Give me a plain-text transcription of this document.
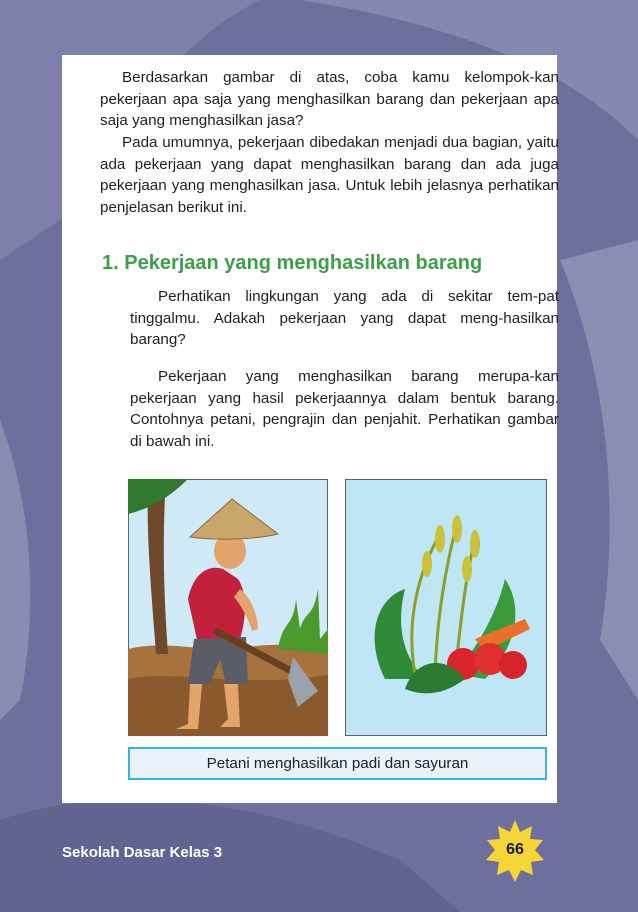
Berdasarkan gambar di atas, coba kamu kelompok-kan pekerjaan apa saja yang menghasilkan barang dan pekerjaan apa saja yang menghasilkan jasa?

Pada umumnya, pekerjaan dibedakan menjadi dua bagian, yaitu ada pekerjaan yang dapat menghasilkan barang dan ada juga pekerjaan yang menghasilkan jasa. Untuk lebih jelasnya perhatikan penjelasan berikut ini.

1. Pekerjaan yang menghasilkan barang

Perhatikan lingkungan yang ada di sekitar tem-pat tinggalmu. Adakah pekerjaan yang dapat meng-hasilkan barang?

Pekerjaan yang menghasilkan barang merupa-kan pekerjaan yang hasil pekerjaannya dalam bentuk barang. Contohnya petani, pengrajin dan penjahit. Perhatikan gambar di bawah ini.

Petani menghasilkan padi dan sayuran
Sekolah Dasar Kelas 3	66
